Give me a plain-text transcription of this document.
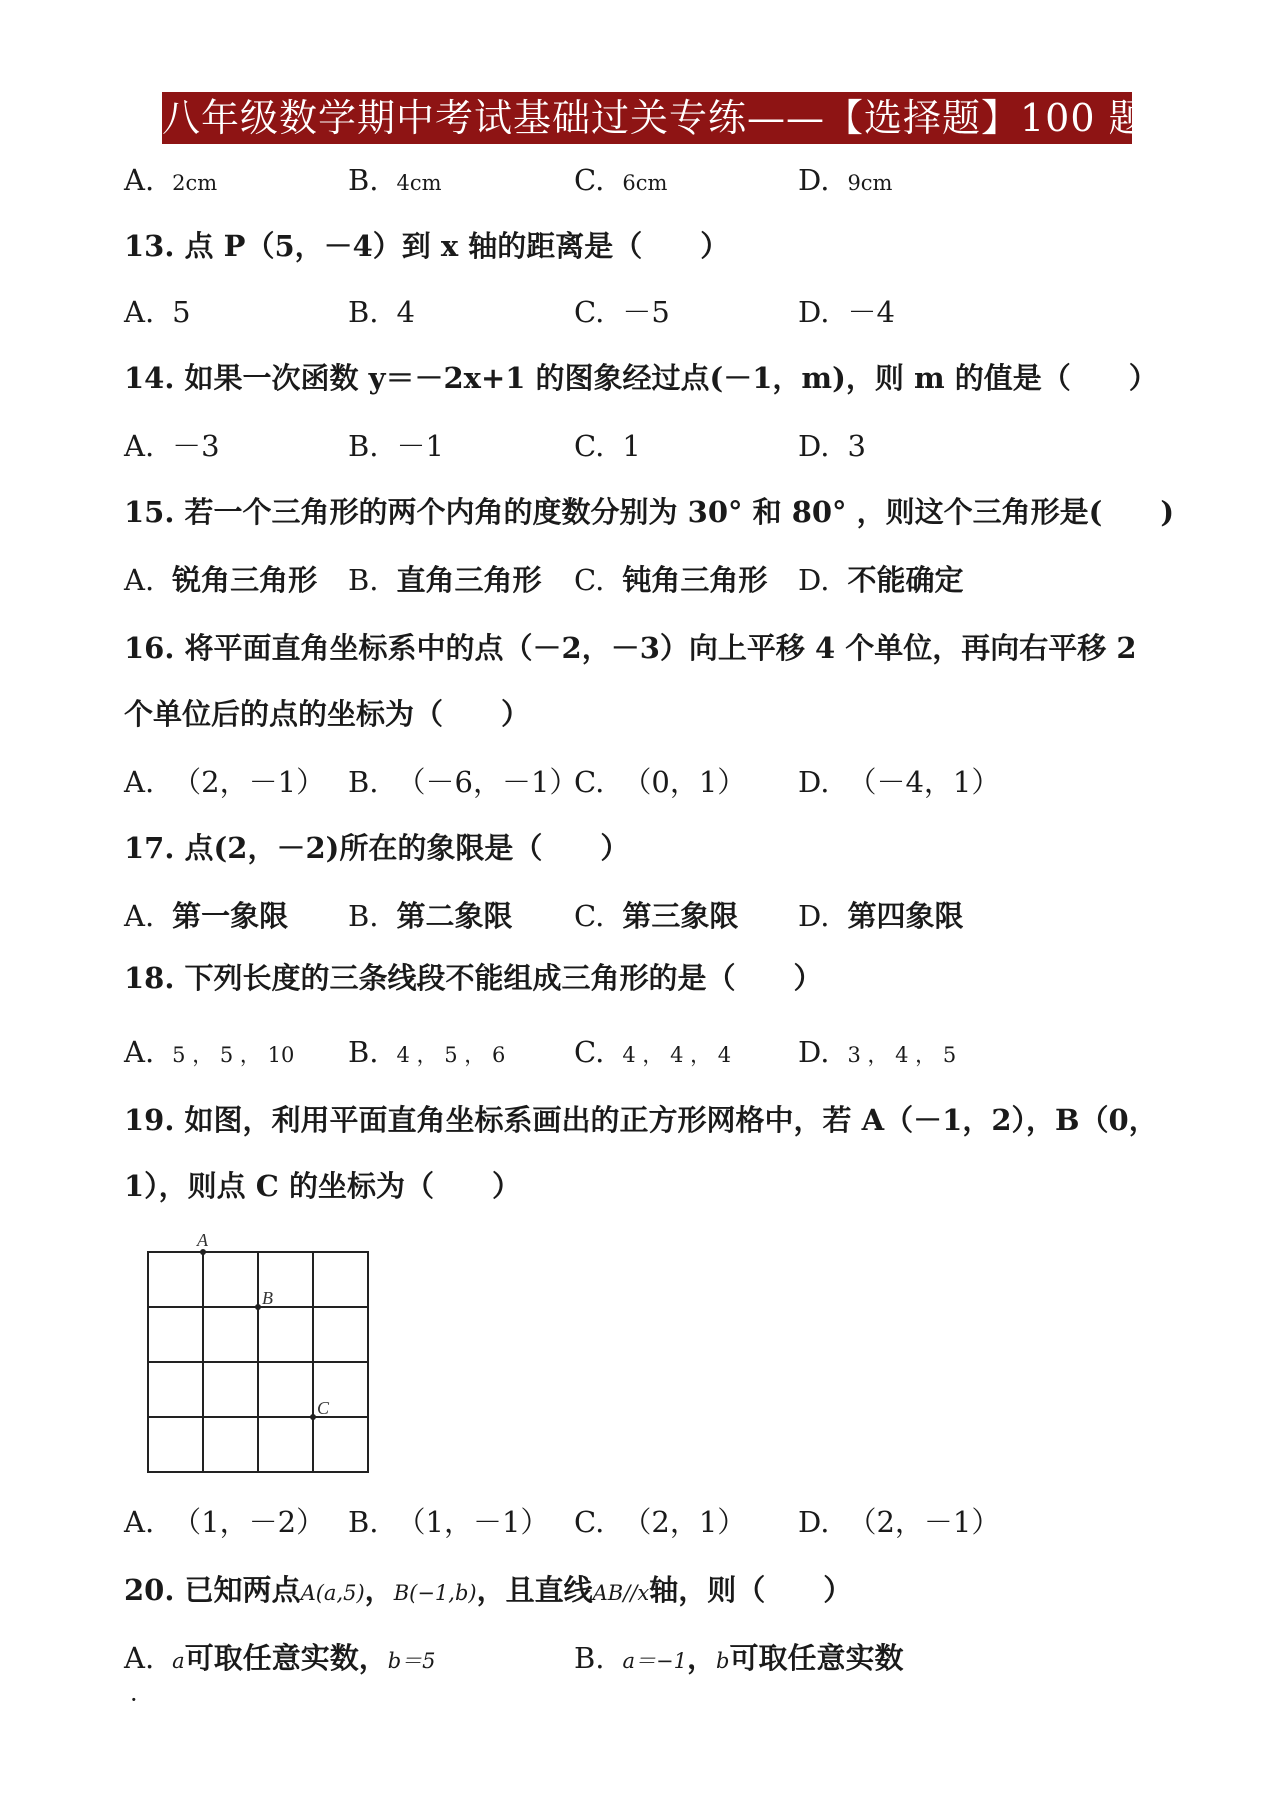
八年级数学期中考试基础过关专练——【选择题】100 题
A. 2cm	B. 4cm	C. 6cm	D. 9cm
13. 点 P（5，－4）到 x 轴的距离是（　　）
A. 5	B. 4	C. －5	D. －4
14. 如果一次函数 y＝－2x+1 的图象经过点(－1，m)，则 m 的值是（　　）
A. －3	B. －1	C. 1	D. 3
15. 若一个三角形的两个内角的度数分别为 30° 和 80° ，则这个三角形是(　　)
A. 锐角三角形 B. 直角三角形 C. 钝角三角形 D. 不能确定
16. 将平面直角坐标系中的点（－2，－3）向上平移 4 个单位，再向右平移 2
个单位后的点的坐标为（　　）
A. （2，－1） B. （－6，－1）
C. （0，1） D. （－4，1）
17. 点(2，－2)所在的象限是（　　）
A. 第一象限 B. 第二象限 C. 第三象限 D. 第四象限
18. 下列长度的三条线段不能组成三角形的是（　　）
A. 5 ， 5 ， 10 B. 4 ， 5 ， 6 C. 4 ， 4 ， 4 D. 3 ， 4 ， 5
19. 如图，利用平面直角坐标系画出的正方形网格中，若 A（－1，2），B（0，
1），则点 C 的坐标为（　　）
A
B
C
A. （1，－2） B. （1，－1） C. （2，1） D. （2，－1）
20. 已知两点A(a,5)，B(−1,b)，且直线AB//x轴，则（　　）
A. a可取任意实数，b＝5	B. a＝−1，b可取任意实数
·
